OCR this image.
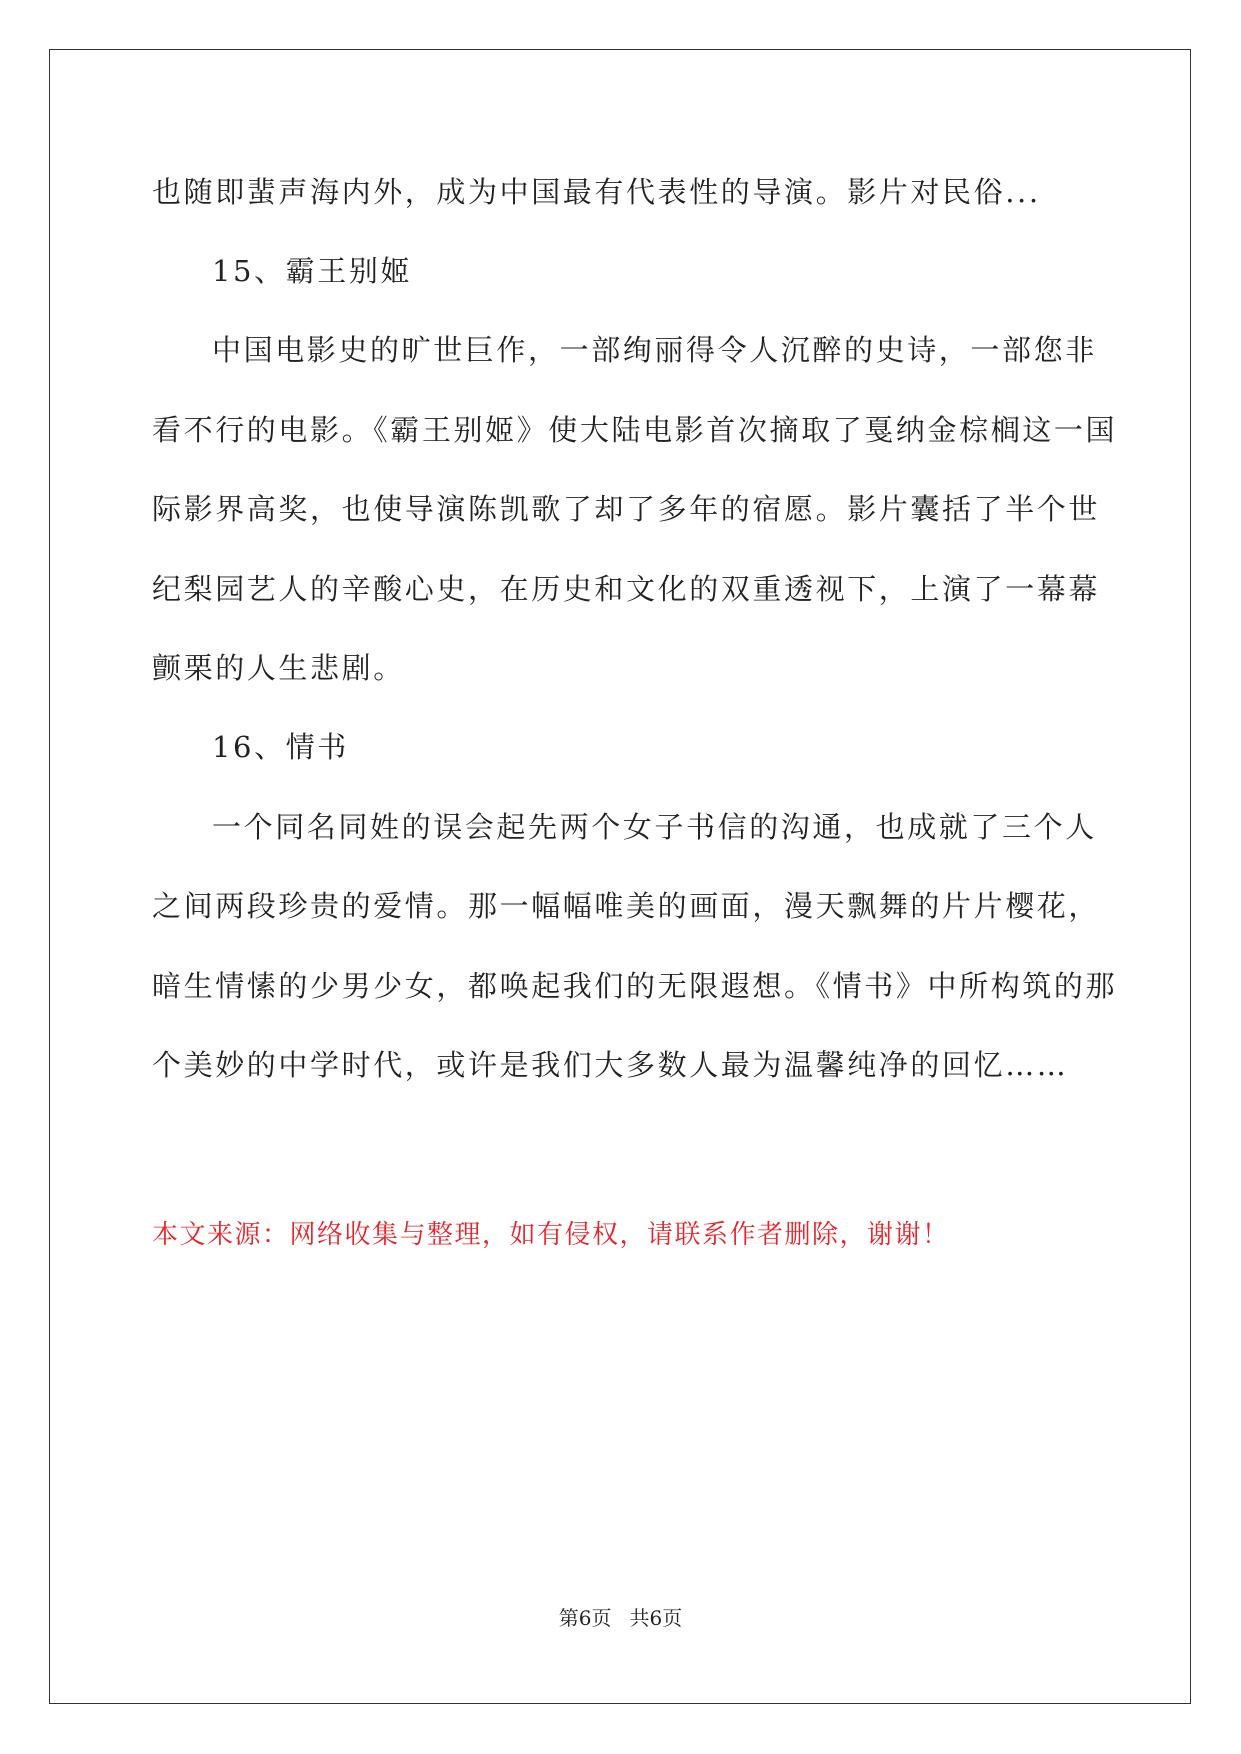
也随即蜚声海内外，成为中国最有代表性的导演。影片对民俗...
15、霸王别姬
中国电影史的旷世巨作，一部绚丽得令人沉醉的史诗，一部您非
看不行的电影。《霸王别姬》使大陆电影首次摘取了戛纳金棕榈这一国
际影界高奖，也使导演陈凯歌了却了多年的宿愿。影片囊括了半个世
纪梨园艺人的辛酸心史，在历史和文化的双重透视下，上演了一幕幕
颤栗的人生悲剧。
16、情书
一个同名同姓的误会起先两个女子书信的沟通，也成就了三个人
之间两段珍贵的爱情。那一幅幅唯美的画面，漫天飘舞的片片樱花，
暗生情愫的少男少女，都唤起我们的无限遐想。《情书》中所构筑的那
个美妙的中学时代，或许是我们大多数人最为温馨纯净的回忆……
本文来源：网络收集与整理，如有侵权，请联系作者删除，谢谢！
第6页 共6页
